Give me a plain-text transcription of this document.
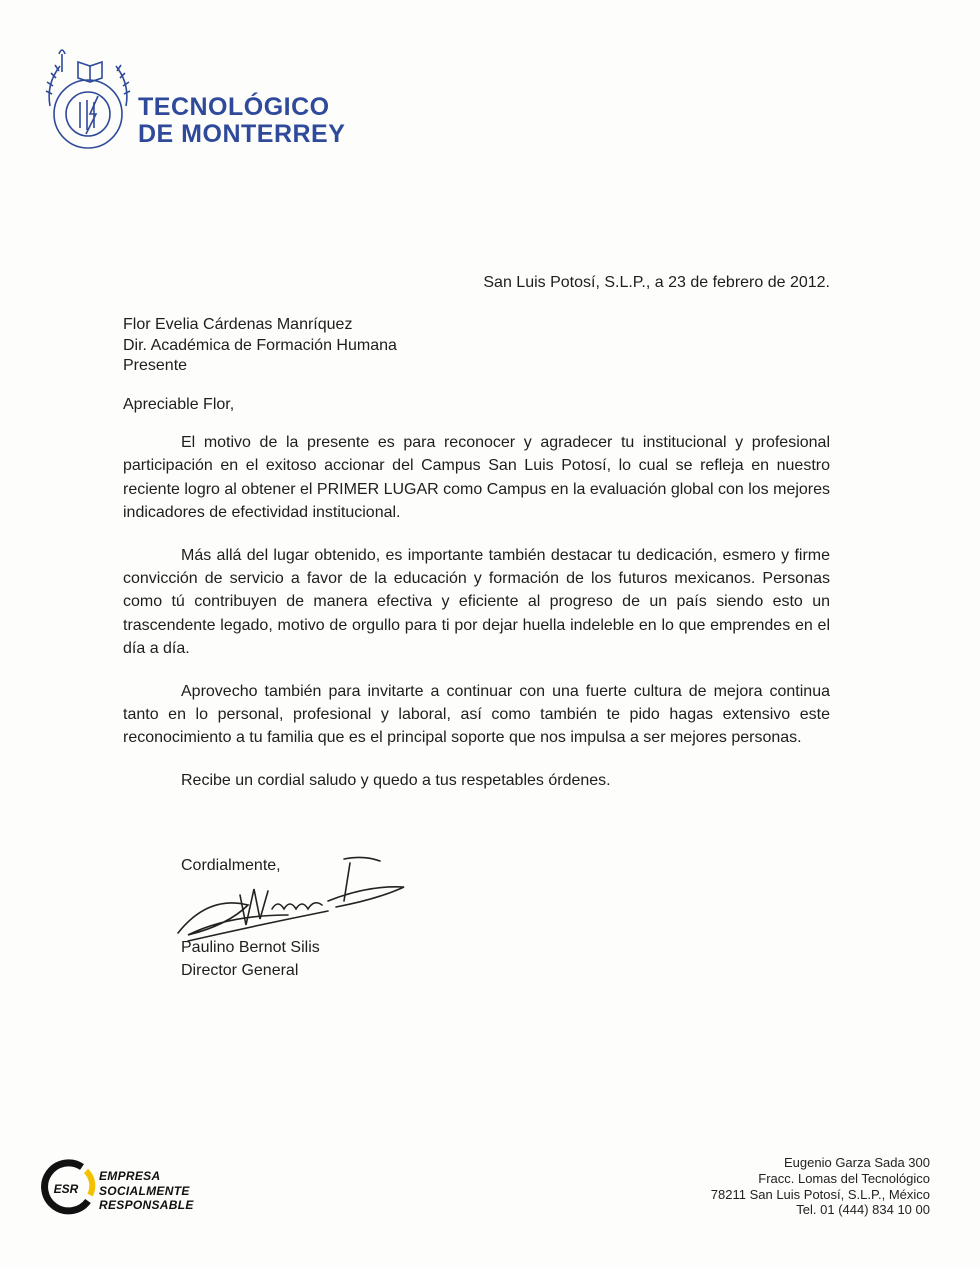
TECNOLÓGICO
DE MONTERREY
San Luis Potosí, S.L.P., a 23 de febrero de 2012.
Flor Evelia Cárdenas Manríquez
Dir. Académica de Formación Humana
Presente
Apreciable Flor,

El motivo de la presente es para reconocer y agradecer tu institucional y profesional participación en el exitoso accionar del Campus San Luis Potosí, lo cual se refleja en nuestro reciente logro al obtener el PRIMER LUGAR como Campus en la evaluación global con los mejores indicadores de efectividad institucional.

Más allá del lugar obtenido, es importante también destacar tu dedicación, esmero y firme convicción de servicio a favor de la educación y formación de los futuros mexicanos. Personas como tú contribuyen de manera efectiva y eficiente al progreso de un país siendo esto un trascendente legado, motivo de orgullo para ti por dejar huella indeleble en lo que emprendes en el día a día.

Aprovecho también para invitarte a continuar con una fuerte cultura de mejora continua tanto en lo personal, profesional y laboral, así como también te pido hagas extensivo este reconocimiento a tu familia que es el principal soporte que nos impulsa a ser mejores personas.

Recibe un cordial saludo y quedo a tus respetables órdenes.

Cordialmente,
Paulino Bernot Silis
Director General
ESR
EMPRESA
SOCIALMENTE
RESPONSABLE
Eugenio Garza Sada 300
Fracc. Lomas del Tecnológico
78211 San Luis Potosí, S.L.P., México
Tel. 01 (444) 834 10 00
